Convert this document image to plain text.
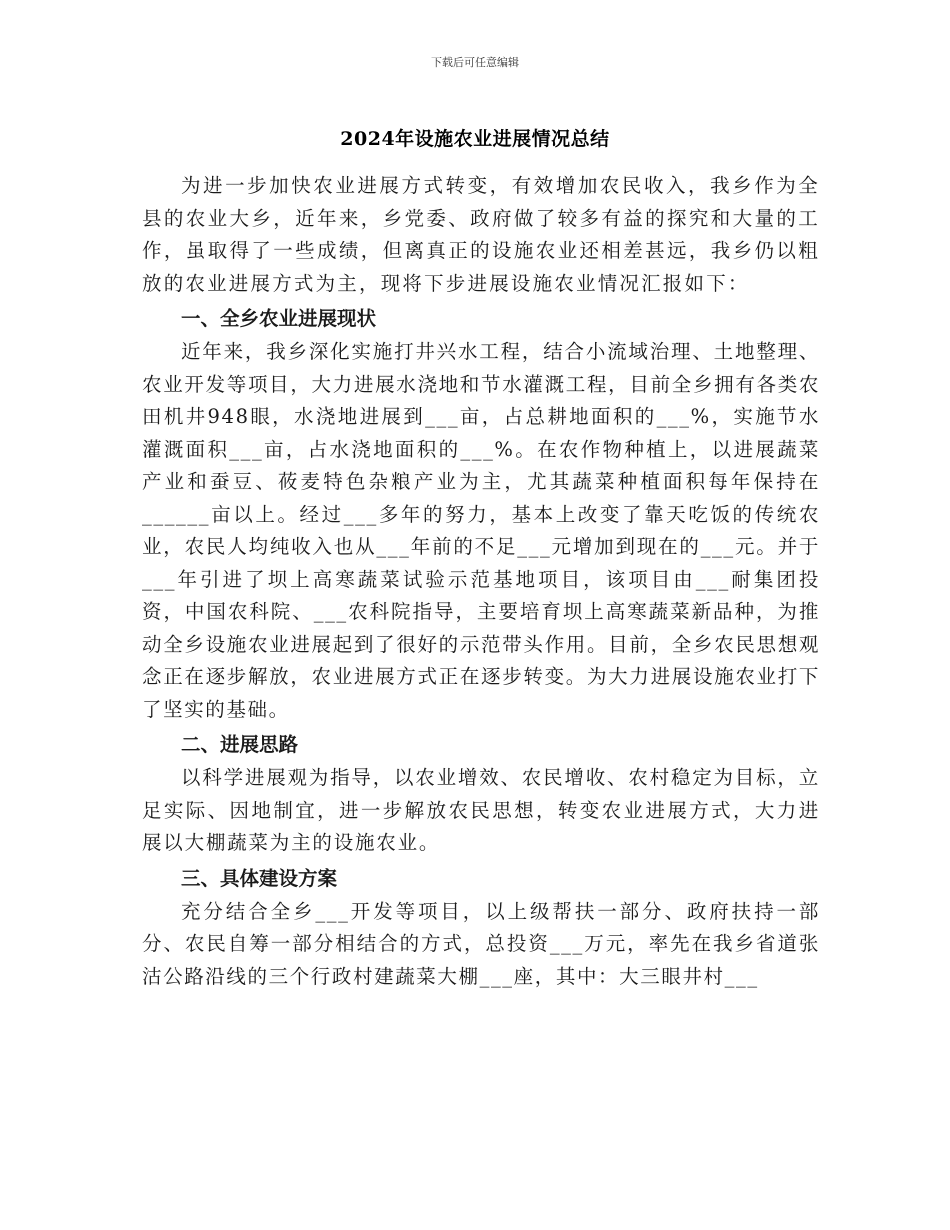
下载后可任意编辑
2024年设施农业进展情况总结

为进一步加快农业进展方式转变，有效增加农民收入，我乡作为全县的农业大乡，近年来，乡党委、政府做了较多有益的探究和大量的工作，虽取得了一些成绩，但离真正的设施农业还相差甚远，我乡仍以粗放的农业进展方式为主，现将下步进展设施农业情况汇报如下：

一、全乡农业进展现状

近年来，我乡深化实施打井兴水工程，结合小流域治理、土地整理、农业开发等项目，大力进展水浇地和节水灌溉工程，目前全乡拥有各类农田机井948眼，水浇地进展到___亩，占总耕地面积的___%，实施节水灌溉面积___亩，占水浇地面积的___%。在农作物种植上，以进展蔬菜产业和蚕豆、莜麦特色杂粮产业为主，尤其蔬菜种植面积每年保持在______亩以上。经过___多年的努力，基本上改变了靠天吃饭的传统农业，农民人均纯收入也从___年前的不足___元增加到现在的___元。并于___年引进了坝上高寒蔬菜试验示范基地项目，该项目由___耐集团投资，中国农科院、___农科院指导，主要培育坝上高寒蔬菜新品种，为推动全乡设施农业进展起到了很好的示范带头作用。目前，全乡农民思想观念正在逐步解放，农业进展方式正在逐步转变。为大力进展设施农业打下了坚实的基础。

二、进展思路

以科学进展观为指导，以农业增效、农民增收、农村稳定为目标，立足实际、因地制宜，进一步解放农民思想，转变农业进展方式，大力进展以大棚蔬菜为主的设施农业。

三、具体建设方案

充分结合全乡___开发等项目，以上级帮扶一部分、政府扶持一部分、农民自筹一部分相结合的方式，总投资___万元，率先在我乡省道张沽公路沿线的三个行政村建蔬菜大棚___座，其中：大三眼井村___
